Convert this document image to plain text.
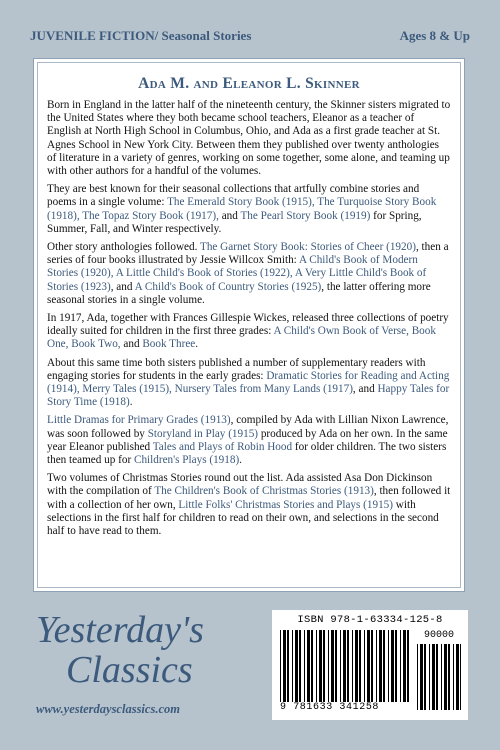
JUVENILE FICTION/ Seasonal Stories	Ages 8 & Up
Ada M. and Eleanor L. Skinner

Born in England in the latter half of the nineteenth century, the Skinner sisters migrated to the United States where they both became school teachers, Eleanor as a teacher of English at North High School in Columbus, Ohio, and Ada as a first grade teacher at St. Agnes School in New York City. Between them they published over twenty anthologies of literature in a variety of genres, working on some together, some alone, and teaming up with other authors for a handful of the volumes.

They are best known for their seasonal collections that artfully combine stories and poems in a single volume: The Emerald Story Book (1915), The Turquoise Story Book (1918), The Topaz Story Book (1917), and The Pearl Story Book (1919) for Spring, Summer, Fall, and Winter respectively.

Other story anthologies followed. The Garnet Story Book: Stories of Cheer (1920), then a series of four books illustrated by Jessie Willcox Smith: A Child's Book of Modern Stories (1920), A Little Child's Book of Stories (1922), A Very Little Child's Book of Stories (1923), and A Child's Book of Country Stories (1925), the latter offering more seasonal stories in a single volume.

In 1917, Ada, together with Frances Gillespie Wickes, released three collections of poetry ideally suited for children in the first three grades: A Child's Own Book of Verse, Book One, Book Two, and Book Three.

About this same time both sisters published a number of supplementary readers with engaging stories for students in the early grades: Dramatic Stories for Reading and Acting (1914), Merry Tales (1915), Nursery Tales from Many Lands (1917), and Happy Tales for Story Time (1918).

Little Dramas for Primary Grades (1913), compiled by Ada with Lillian Nixon Lawrence, was soon followed by Storyland in Play (1915) produced by Ada on her own. In the same year Eleanor published Tales and Plays of Robin Hood for older children. The two sisters then teamed up for Children's Plays (1918).

Two volumes of Christmas Stories round out the list. Ada assisted Asa Don Dickinson with the compilation of The Children's Book of Christmas Stories (1913), then followed it with a collection of her own, Little Folks' Christmas Stories and Plays (1915) with selections in the first half for children to read on their own, and selections in the second half to have read to them.

Yesterday's
Classics
www.yesterdaysclassics.com
ISBN 978-1-63334-125-8
9 781633 341258
90000
